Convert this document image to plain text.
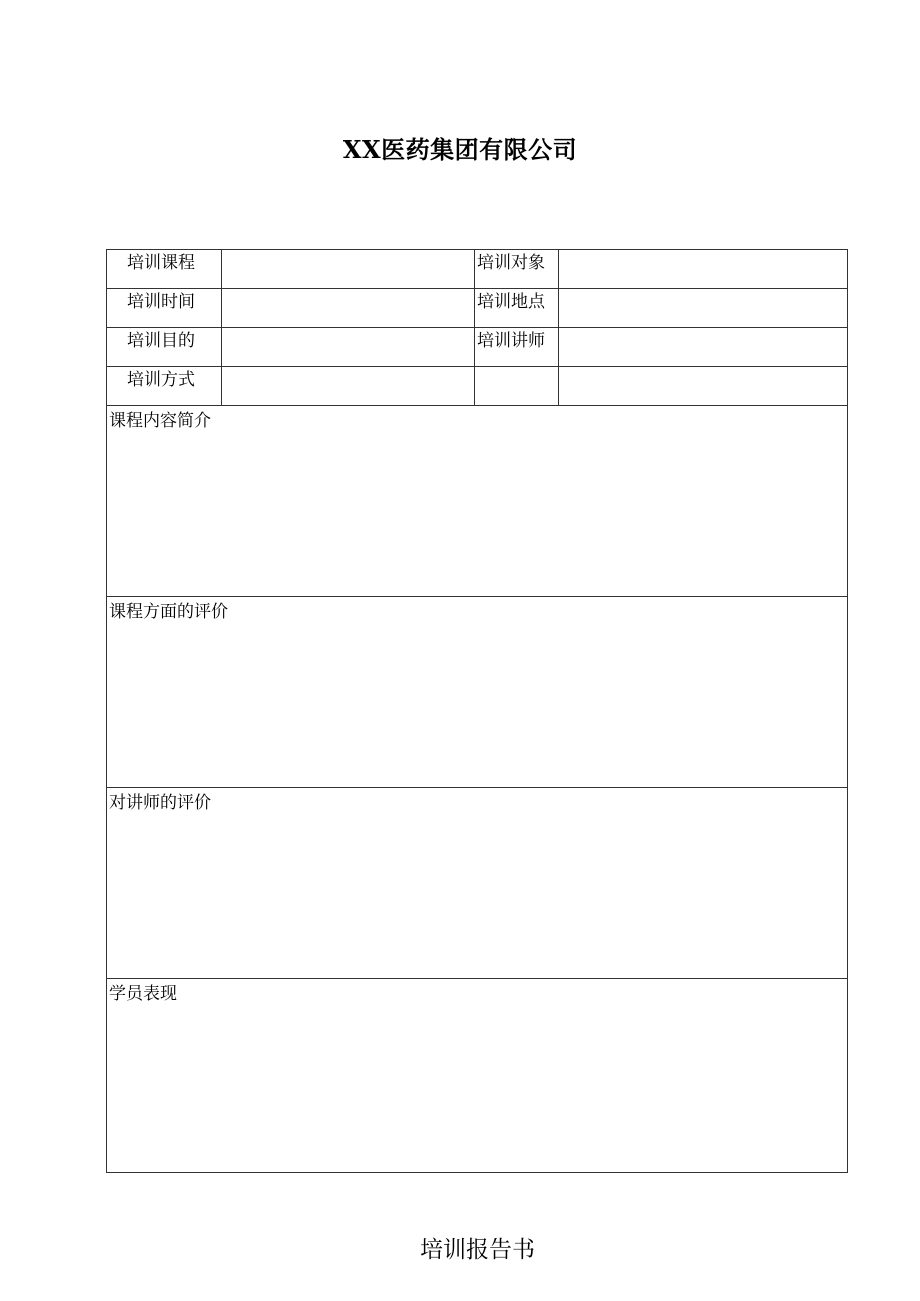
XX医药集团有限公司
培训课程		培训对象	
培训时间		培训地点	
培训目的		培训讲师	
培训方式			
课程内容简介			
课程方面的评价			
对讲师的评价			
学员表现			
培训报告书
